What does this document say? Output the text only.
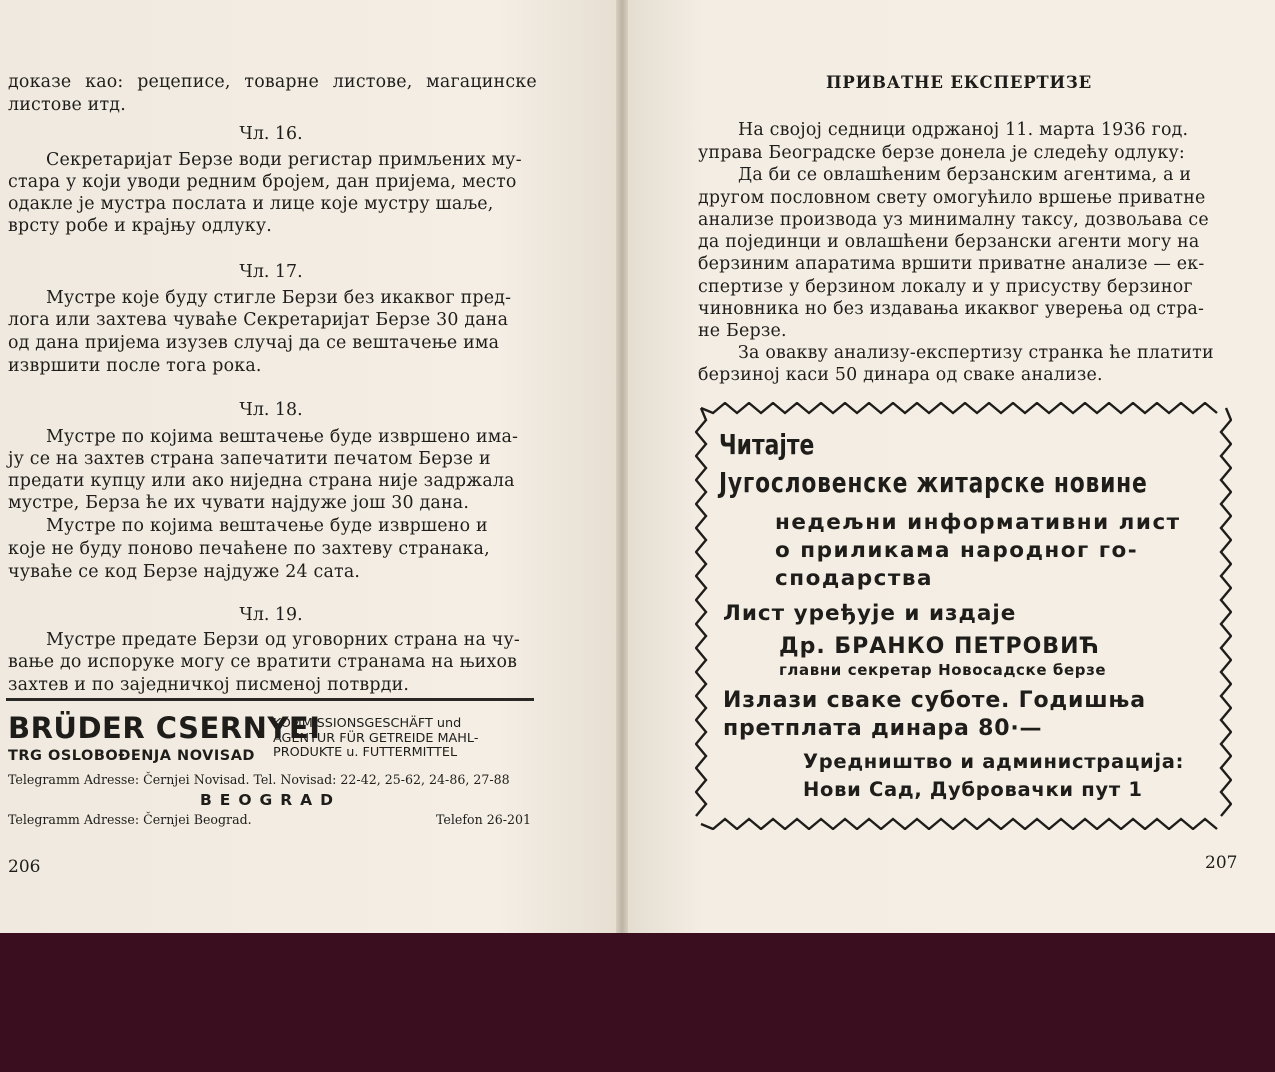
доказе као: рецеписе, товарне листове, магацинске
листове итд.
Чл. 16.
Секретаријат Берзе води регистар примљених му-
стара у који уводи редним бројем, дан пријема, место
одакле је мустра послата и лице које мустру шаље,
врсту робе и крајњу одлуку.
Чл. 17.
Мустре које буду стигле Берзи без икаквог пред-
лога или захтева чуваће Секретаријат Берзе 30 дана
од дана пријема изузев случај да се вештачење има
извршити после тога рока.
Чл. 18.
Мустре по којима вештачење буде извршено има-
ју се на захтев страна запечатити печатом Берзе и
предати купцу или ако ниједна страна није задржала
мустре, Берза ће их чувати најдуже још 30 дана.
Мустре по којима вештачење буде извршено и
које не буду поново печаћене по захтеву странака,
чуваће се код Берзе најдуже 24 сата.
Чл. 19.
Мустре предате Берзи од уговорних страна на чу-
вање до испоруке могу се вратити странама на њихов
захтев и по заједничкој писменој потврди.
BRÜDER CSERNYEI
TRG OSLOBOĐENJA NOVISAD
KOMMISSIONSGESCHÄFT und
AGENTUR FÜR GETREIDE MAHL-
PRODUKTE u. FUTTERMITTEL
Telegramm Adresse: Černjei Novisad. Tel. Novisad: 22-42, 25-62, 24-86, 27-88
BEOGRAD
Telegramm Adresse: Černjei Beograd.	Telefon 26-201
206
ПРИВАТНЕ ЕКСПЕРТИЗЕ
На својој седници одржаној 11. марта 1936 год.
управа Београдске берзе донела је следећу одлуку:
Да би се овлашћеним берзанским агентима, а и
другом пословном свету омогућило вршење приватне
анализе производа уз минималну таксу, дозвољава се
да појединци и овлашћени берзански агенти могу на
берзиним апаратима вршити приватне анализе — ек-
спертизе у берзином локалу и у присуству берзиног
чиновника но без издавања икаквог уверења од стра-
не Берзе.
За овакву анализу-експертизу странка ће платити
берзиној каси 50 динара од сваке анализе.
Читајте
Југословенске житарске новине
недељни информативни лист
о приликама народног го-
сподарства
Лист уређује и издаје
Др. БРАНКО ПЕТРОВИЋ
главни секретар Новосадске берзе
Излази сваке суботе. Годишња
претплата динара 80·—
Уредништво и администрација:
Нови Сад, Дубровачки пут 1
207
